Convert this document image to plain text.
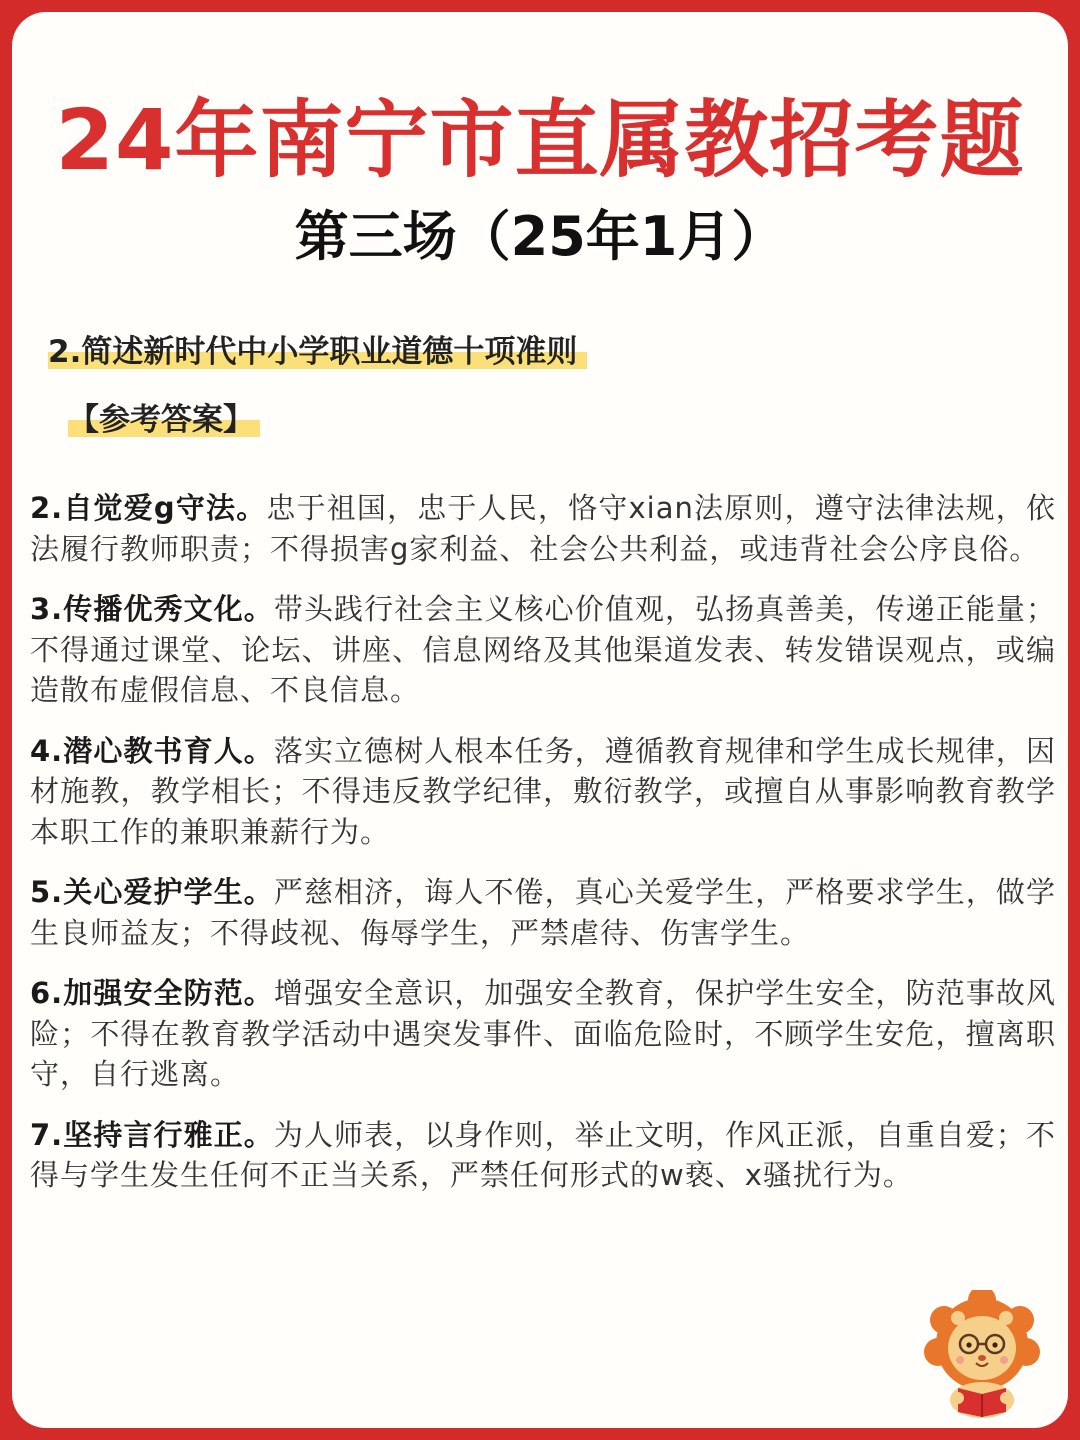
24年南宁市直属教招考题
第三场（25年1月）
2.简述新时代中小学职业道德十项准则
【参考答案】
2.自觉爱g守法。忠于祖国，忠于人民，恪守xian法原则，遵守法律法规，依法履行教师职责；不得损害g家利益、社会公共利益，或违背社会公序良俗。
3.传播优秀文化。带头践行社会主义核心价值观，弘扬真善美，传递正能量；不得通过课堂、论坛、讲座、信息网络及其他渠道发表、转发错误观点，或编造散布虚假信息、不良信息。
4.潜心教书育人。落实立德树人根本任务，遵循教育规律和学生成长规律，因材施教，教学相长；不得违反教学纪律，敷衍教学，或擅自从事影响教育教学本职工作的兼职兼薪行为。
5.关心爱护学生。严慈相济，诲人不倦，真心关爱学生，严格要求学生，做学生良师益友；不得歧视、侮辱学生，严禁虐待、伤害学生。
6.加强安全防范。增强安全意识，加强安全教育，保护学生安全，防范事故风险；不得在教育教学活动中遇突发事件、面临危险时，不顾学生安危，擅离职守，自行逃离。
7.坚持言行雅正。为人师表，以身作则，举止文明，作风正派，自重自爱；不得与学生发生任何不正当关系，严禁任何形式的w亵、x骚扰行为。
